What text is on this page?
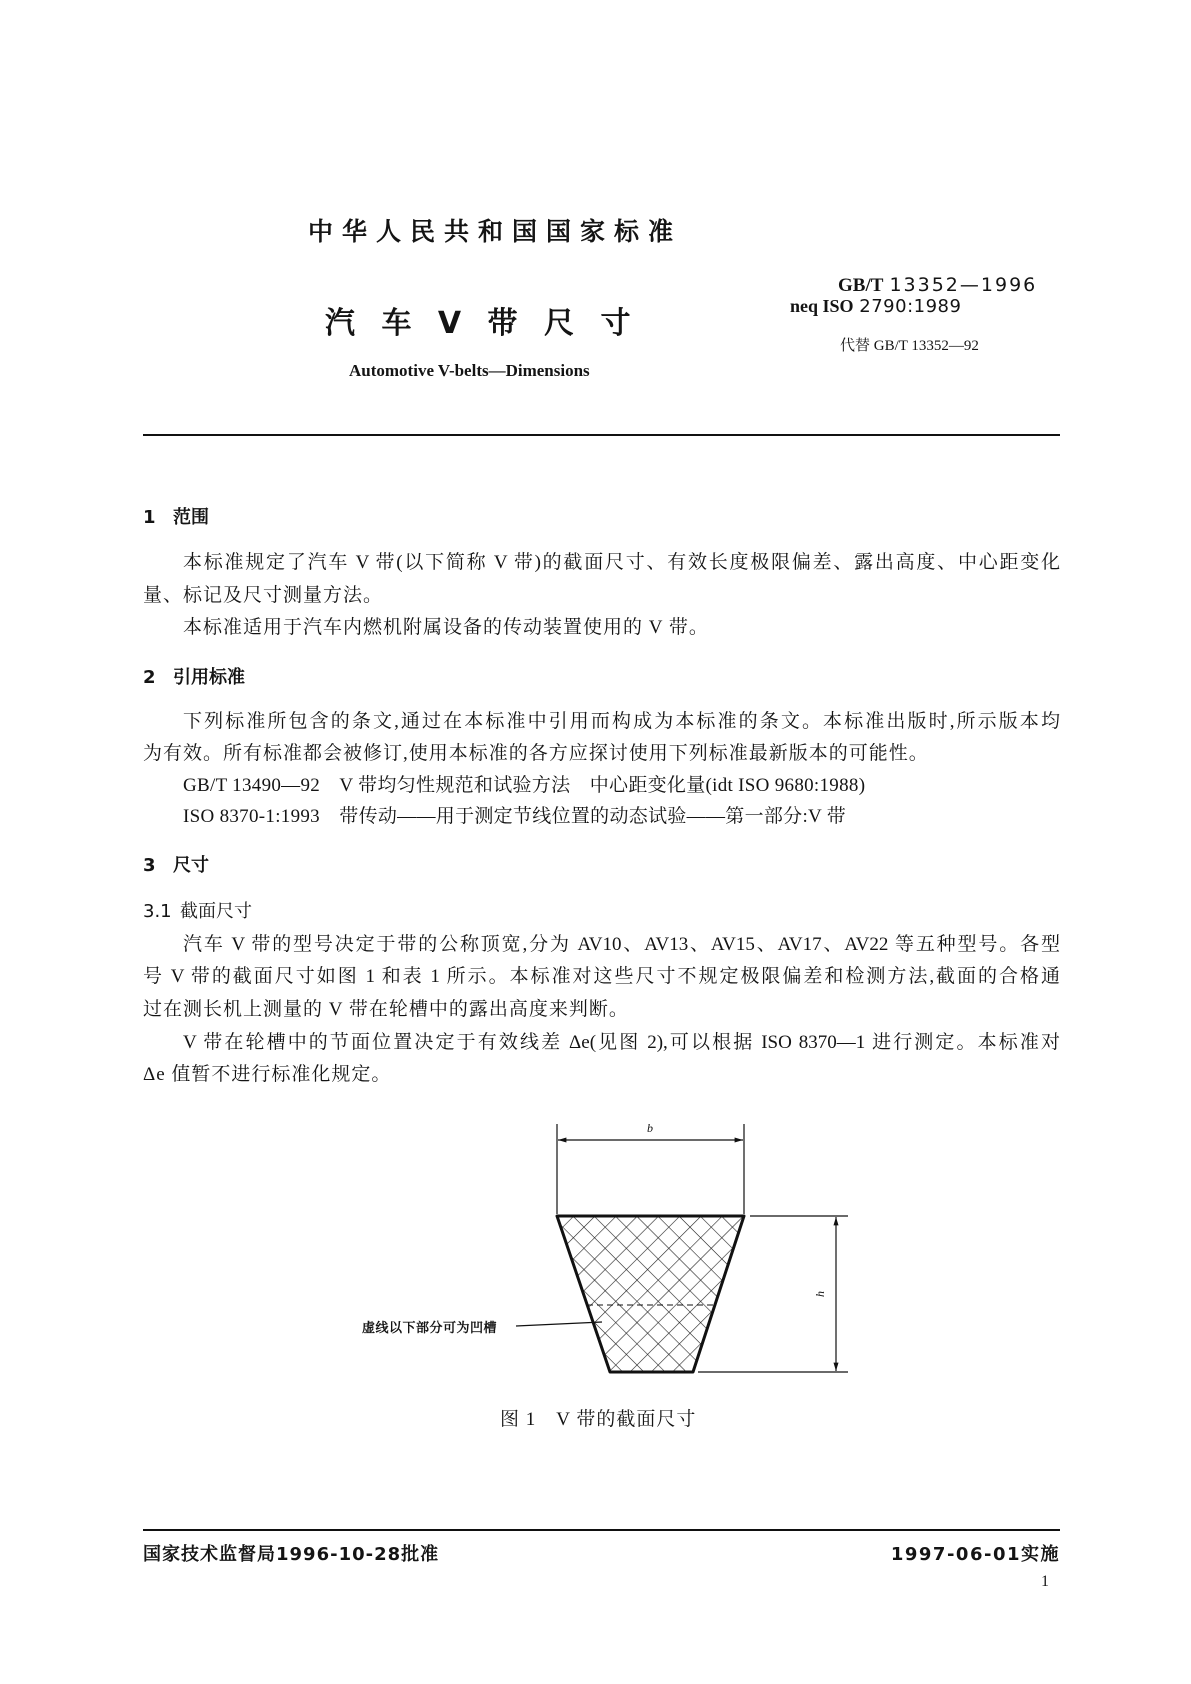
中华人民共和国国家标准
汽 车 V 带 尺 寸
Automotive V-belts—Dimensions
GB/T 13352—1996
neq ISO 2790:1989
代替 GB/T 13352—92
1 范围
本标准规定了汽车 V 带(以下简称 V 带)的截面尺寸、有效长度极限偏差、露出高度、中心距变化
量、标记及尺寸测量方法。
本标准适用于汽车内燃机附属设备的传动装置使用的 V 带。
2 引用标准
下列标准所包含的条文,通过在本标准中引用而构成为本标准的条文。本标准出版时,所示版本均
为有效。所有标准都会被修订,使用本标准的各方应探讨使用下列标准最新版本的可能性。
GB/T 13490—92　V 带均匀性规范和试验方法　中心距变化量(idt ISO 9680:1988)
ISO 8370-1:1993　带传动——用于测定节线位置的动态试验——第一部分:V 带
3 尺寸
3.1 截面尺寸
汽车 V 带的型号决定于带的公称顶宽,分为 AV10、AV13、AV15、AV17、AV22 等五种型号。各型
号 V 带的截面尺寸如图 1 和表 1 所示。本标准对这些尺寸不规定极限偏差和检测方法,截面的合格通
过在测长机上测量的 V 带在轮槽中的露出高度来判断。
V 带在轮槽中的节面位置决定于有效线差 Δe(见图 2),可以根据 ISO 8370—1 进行测定。本标准对
Δe 值暂不进行标准化规定。
b
h
虚线以下部分可为凹槽
图 1　V 带的截面尺寸
国家技术监督局1996-10-28批准	1997-06-01实施
1
